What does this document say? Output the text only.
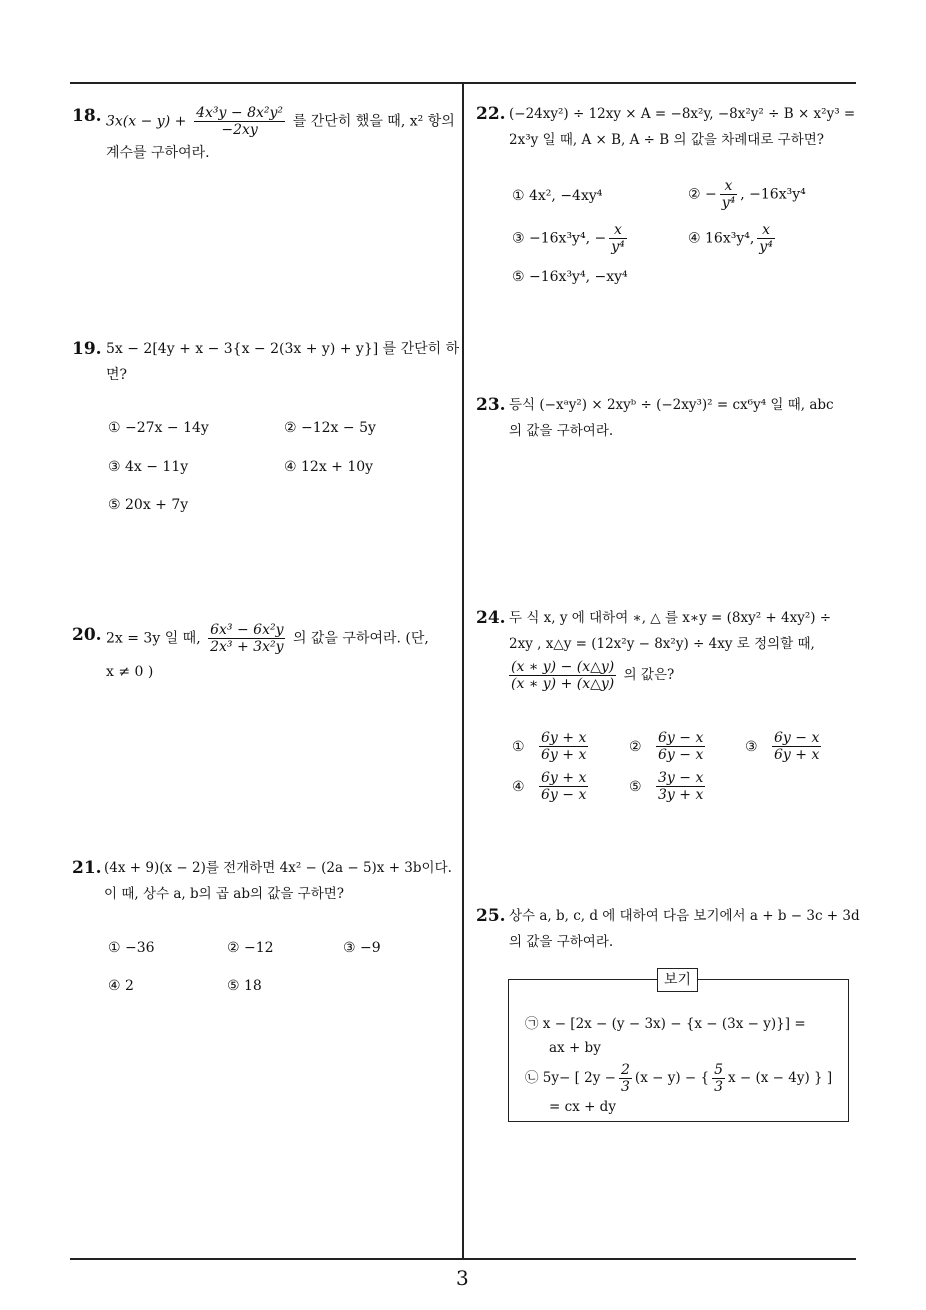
18. $3x(x - y) + \frac{\text{4x³y − 8x²y²}}{-2xy}$ 를 간단히 했을 때, x² 항의
계수를 구하여라.
19. 5x − 2[4y + x − 3{x − 2(3x + y) + y}] 를 간단히 하
면?
① −27x − 14y	② −12x − 5y
③ 4x − 11y	④ 12x + 10y
⑤ 20x + 7y
20. 2x = 3y 일 때, $\frac{\text{6x³ − 6x²y}}{\text{2x³ + 3x²y}}$ 의 값을 구하여라. (단,
x ≠ 0 )
21. (4x + 9)(x − 2)를 전개하면 4x² − (2a − 5)x + 3b이다.
이 때, 상수 a, b의 곱 ab의 값을 구하면?
① −36	② −12	③ −9
④ 2	⑤ 18
22. (−24xy²) ÷ 12xy × A = −8x²y, −8x²y² ÷ B × x²y³ =
2x³y 일 때, A × B, A ÷ B 의 값을 차례대로 구하면?
① 4x², −4xy⁴	② − $\frac{x}{\text{y⁴}}$ , −16x³y⁴
③ −16x³y⁴, − $\frac{x}{\text{y⁴}}$	④ 16x³y⁴, $\frac{x}{\text{y⁴}}$
⑤ −16x³y⁴, −xy⁴
23. 등식 (−xᵃy²) × 2xyᵇ ÷ (−2xy³)² = cx⁶y⁴ 일 때, abc
의 값을 구하여라.
24. 두 식 x, y 에 대하여 ∗, △ 를 x∗y = (8xy² + 4xy²) ÷
2xy , x△y = (12x²y − 8x²y) ÷ 4xy 로 정의할 때,
$\frac{(x ∗ y) - (x\triangle y)}{(x ∗ y) + (x\triangle y)}$ 의 값은?
① $\frac{6y + x}{6y + x}$	② $\frac{6y - x}{6y - x}$	③ $\frac{6y - x}{6y + x}$
④ $\frac{6y + x}{6y - x}$	⑤ $\frac{3y - x}{3y + x}$
25. 상수 a, b, c, d 에 대하여 다음 보기에서 a + b − 3c + 3d
의 값을 구하여라.
보기
㉠ x − [2x − (y − 3x) − {x − (3x − y)}] =
ax + by
㉡ 5y− [ $2y - \frac{2}{3} (x - y)$ − { $\frac{5}{3}$ x − (x − 4y) } ]
= cx + dy
3
